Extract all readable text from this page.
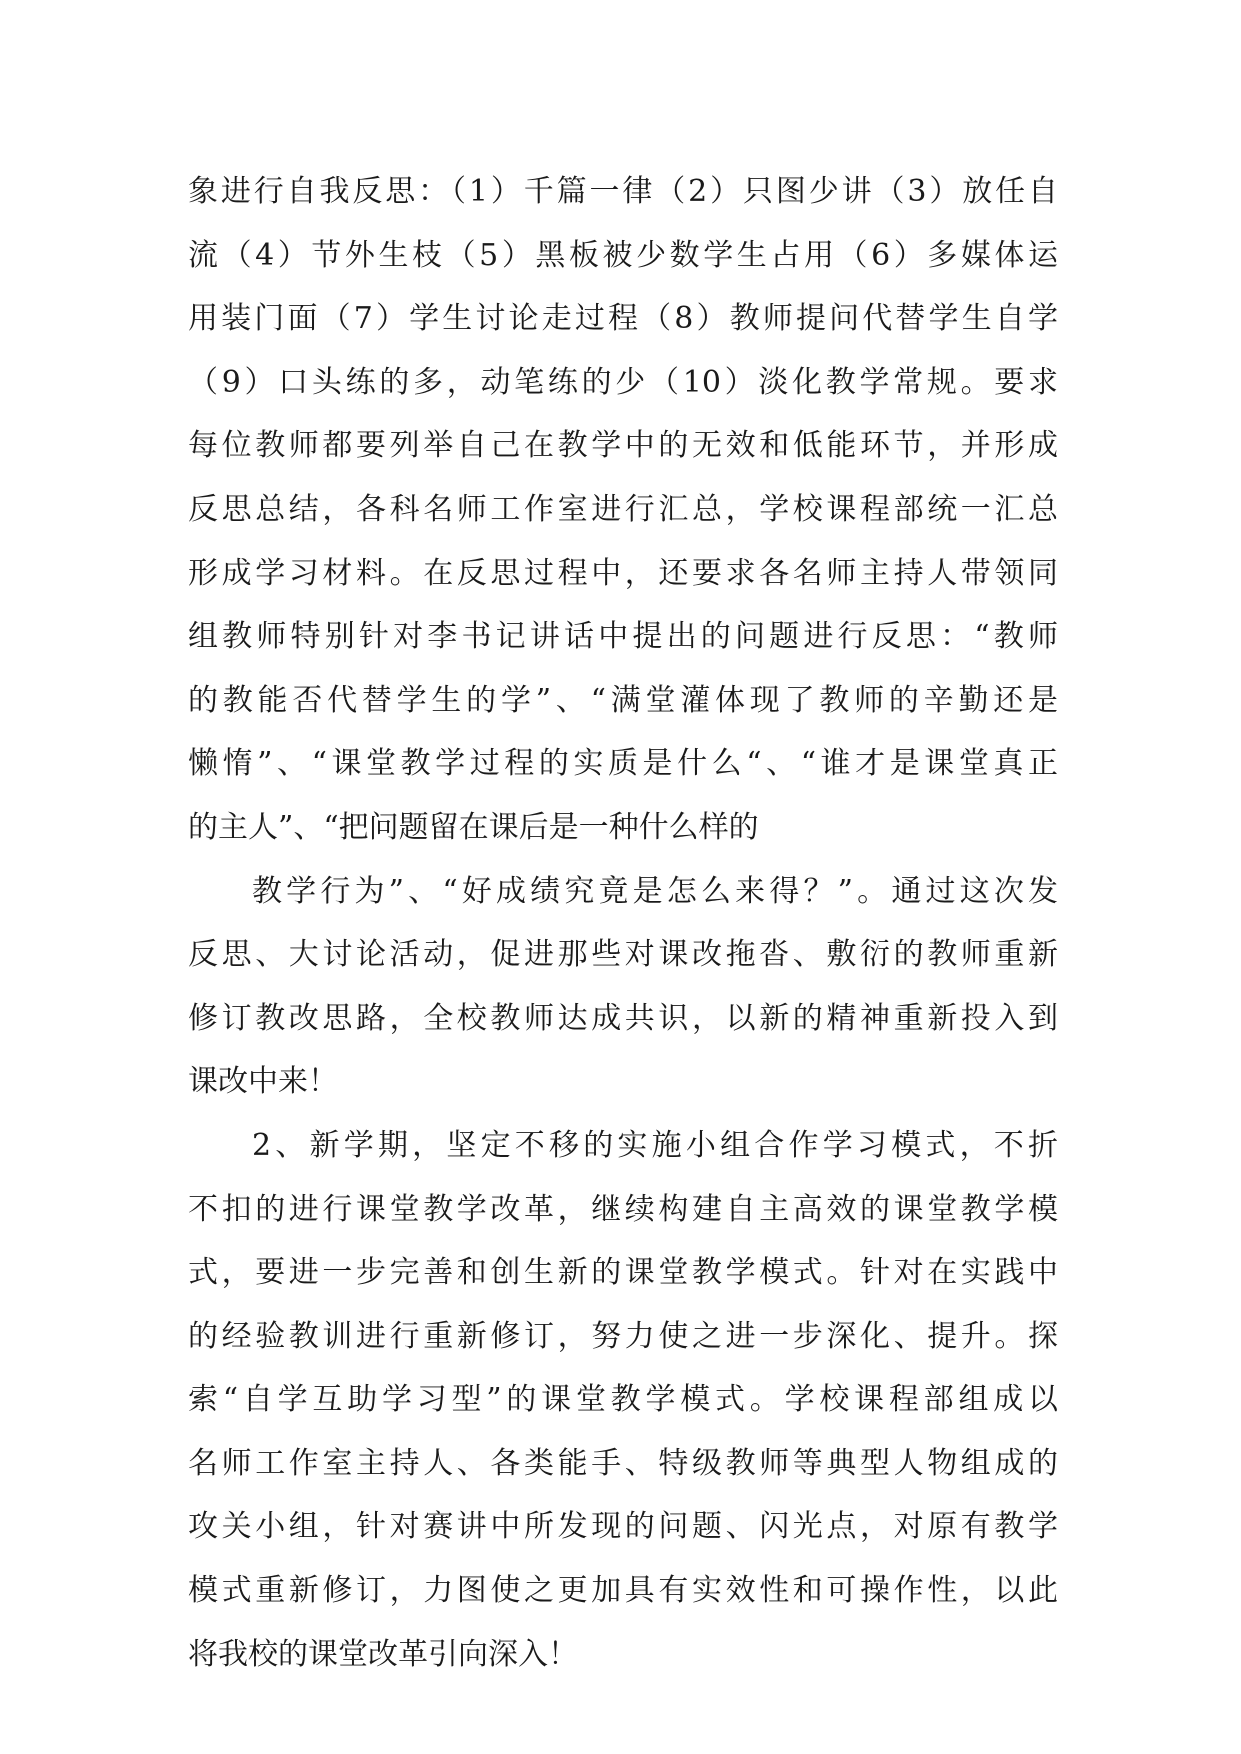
象进行自我反思：（1）千篇一律（2）只图少讲（3）放任自
流（4）节外生枝（5）黑板被少数学生占用（6）多媒体运
用装门面（7）学生讨论走过程（8）教师提问代替学生自学
（9）口头练的多，动笔练的少（10）淡化教学常规。要求
每位教师都要列举自己在教学中的无效和低能环节，并形成
反思总结，各科名师工作室进行汇总，学校课程部统一汇总
形成学习材料。在反思过程中，还要求各名师主持人带领同
组教师特别针对李书记讲话中提出的问题进行反思：“教师
的教能否代替学生的学”、“满堂灌体现了教师的辛勤还是
懒惰”、“课堂教学过程的实质是什么“、“谁才是课堂真正
的主人”、“把问题留在课后是一种什么样的
教学行为”、“好成绩究竟是怎么来得？”。通过这次发
反思、大讨论活动，促进那些对课改拖沓、敷衍的教师重新
修订教改思路，全校教师达成共识，以新的精神重新投入到
课改中来！
2、新学期，坚定不移的实施小组合作学习模式，不折
不扣的进行课堂教学改革，继续构建自主高效的课堂教学模
式，要进一步完善和创生新的课堂教学模式。针对在实践中
的经验教训进行重新修订，努力使之进一步深化、提升。探
索“自学互助学习型”的课堂教学模式。学校课程部组成以
名师工作室主持人、各类能手、特级教师等典型人物组成的
攻关小组，针对赛讲中所发现的问题、闪光点，对原有教学
模式重新修订，力图使之更加具有实效性和可操作性，以此
将我校的课堂改革引向深入！
